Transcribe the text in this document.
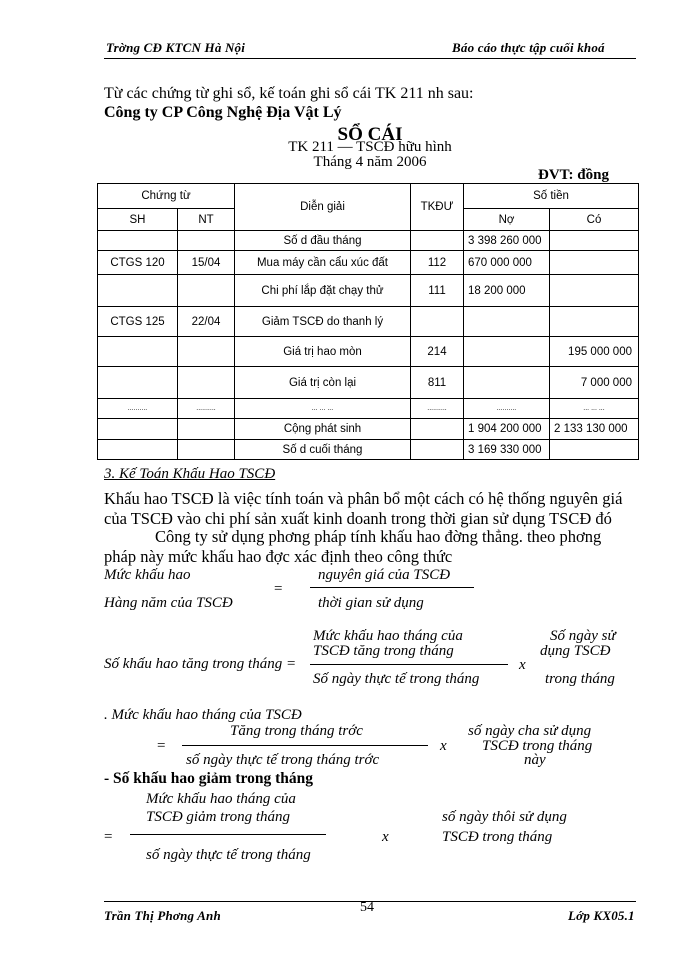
Trờng CĐ KTCN Hà Nội	Báo cáo thực tập cuối khoá
Từ các chứng từ ghi sổ, kế toán ghi sổ cái TK 211 nh sau:
Công ty CP Công Nghệ Địa Vật Lý
SỔ CÁI
TK 211 — TSCĐ hữu hình
Tháng 4 năm 2006
ĐVT: đồng
Chứng từ		Diễn giải	TKĐƯ	Số tiền	
SH	NT			Nợ	Có
		Số d đầu tháng		3 398 260 000	
CTGS 120	15/04	Mua máy cần cẩu xúc đất	112	670 000 000	
		Chi phí lắp đặt chạy thử	111	18 200 000	
CTGS 125	22/04	Giảm TSCĐ do thanh lý			
		Giá trị hao mòn	214		195 000 000
		Giá trị còn lại	811		7 000 000
..........	..........	... ... ...	..........	..........	... ... ...
		Cộng phát sinh		1 904 200 000	2 133 130 000
		Số d cuối tháng		3 169 330 000	
3. Kế Toán Khấu Hao TSCĐ
Khấu hao TSCĐ là việc tính toán và phân bổ một cách có hệ thống nguyên giá
của TSCĐ vào chi phí sản xuất kinh doanh trong thời gian sử dụng TSCĐ đó
Công ty sử dụng phơng pháp tính khấu hao đờng thẳng. theo phơng
pháp này mức khấu hao đợc xác định theo công thức
Mức khấu hao
Hàng năm của TSCĐ
=
nguyên giá của TSCĐ
thời gian sử dụng
Mức khấu hao tháng của
TSCĐ tăng trong tháng
Số khấu hao tăng trong tháng =
Số ngày thực tế trong tháng
x
Số ngày sử
dụng TSCĐ
trong tháng
. Mức khấu hao tháng của TSCĐ
Tăng trong tháng trớc
=
số ngày thực tế trong tháng trớc
x
số ngày cha sử dụng
TSCĐ trong tháng
này
- Số khấu hao giảm trong tháng
Mức khấu hao tháng của
TSCĐ giảm trong tháng
=
số ngày thực tế trong tháng
x
số ngày thôi sử dụng
TSCĐ trong tháng
Trần Thị Phơng Anh
54
Lớp KX05.1
